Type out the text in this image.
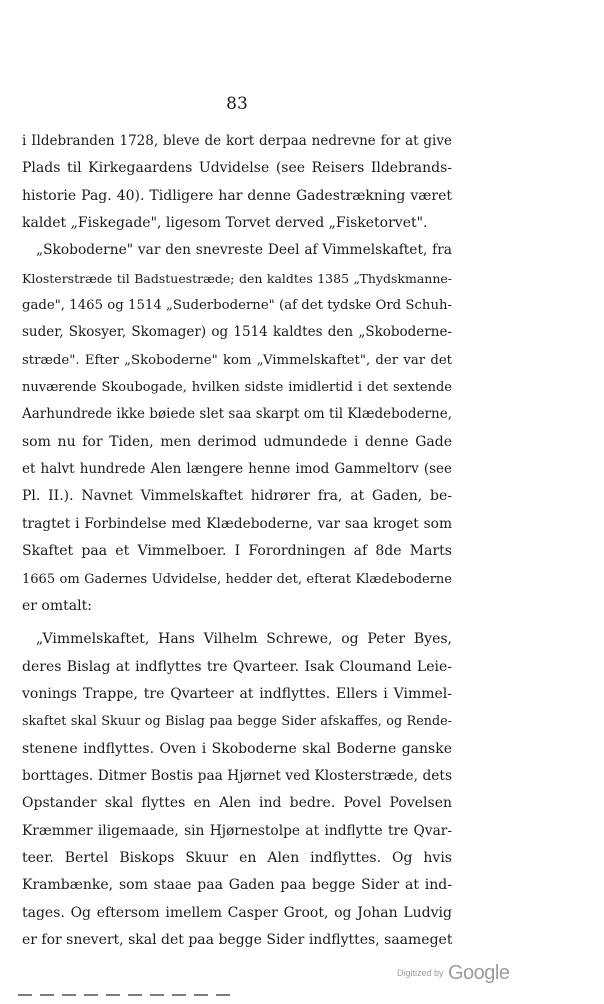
83
i Ildebranden 1728, bleve de kort derpaa nedrevne for at give
Plads til Kirkegaardens Udvidelse (see Reisers Ildebrands-
historie Pag. 40). Tidligere har denne Gadestrækning været
kaldet „Fiskegade", ligesom Torvet derved „Fisketorvet".
„Skoboderne" var den snevreste Deel af Vimmelskaftet, fra
Klosterstræde til Badstuestræde; den kaldtes 1385 „Thydskmanne-
gade", 1465 og 1514 „Suderboderne" (af det tydske Ord Schuh-
suder, Skosyer, Skomager) og 1514 kaldtes den „Skoboderne-
stræde". Efter „Skoboderne" kom „Vimmelskaftet", der var det
nuværende Skoubogade, hvilken sidste imidlertid i det sextende
Aarhundrede ikke bøiede slet saa skarpt om til Klædeboderne,
som nu for Tiden, men derimod udmundede i denne Gade
et halvt hundrede Alen længere henne imod Gammeltorv (see
Pl. II.). Navnet Vimmelskaftet hidrører fra, at Gaden, be-
tragtet i Forbindelse med Klædeboderne, var saa kroget som
Skaftet paa et Vimmelboer. I Forordningen af 8de Marts
1665 om Gadernes Udvidelse, hedder det, efterat Klædeboderne
er omtalt:
„Vimmelskaftet, Hans Vilhelm Schrewe, og Peter Byes,
deres Bislag at indflyttes tre Qvarteer. Isak Cloumand Leie-
vonings Trappe, tre Qvarteer at indflyttes. Ellers i Vimmel-
skaftet skal Skuur og Bislag paa begge Sider afskaffes, og Rende-
stenene indflyttes. Oven i Skoboderne skal Boderne ganske
borttages. Ditmer Bostis paa Hjørnet ved Klosterstræde, dets
Opstander skal flyttes en Alen ind bedre. Povel Povelsen
Kræmmer iligemaade, sin Hjørnestolpe at indflytte tre Qvar-
teer. Bertel Biskops Skuur en Alen indflyttes. Og hvis
Krambænke, som staae paa Gaden paa begge Sider at ind-
tages. Og eftersom imellem Casper Groot, og Johan Ludvig
er for snevert, skal det paa begge Sider indflyttes, saameget
Digitized by Google
